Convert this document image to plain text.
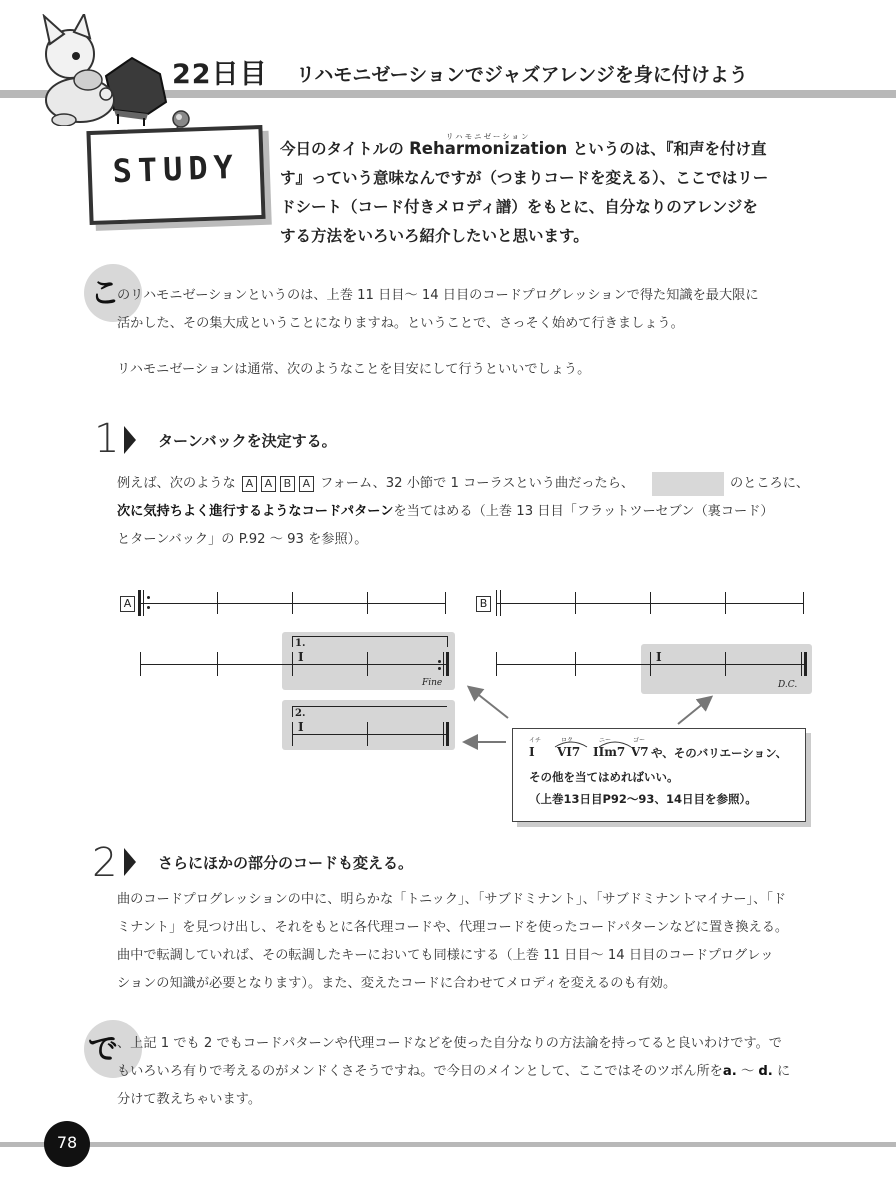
22日目 リハモニゼーションでジャズアレンジを身に付けよう
STUDY	今日のタイトルの
リハモニゼーション
Reharmonization というのは、『和声を付け直
す』っていう意味なんですが（つまりコードを変える）、ここではリー
ドシート（コード付きメロディ譜）をもとに、自分なりのアレンジを
する方法をいろいろ紹介したいと思います。
こ
のリハモニゼーションというのは、上巻 11 日目～ 14 日目のコードプログレッションで得た知識を最大限に
活かした、その集大成ということになりますね。ということで、さっそく始めて行きましょう。
リハモニゼーションは通常、次のようなことを目安にして行うといいでしょう。
1	ターンバックを決定する。
例えば、次のような A A B A フォーム、32 小節で 1 コーラスという曲だったら、	のところに、
次に気持ちよく進行するようなコードパターンを当てはめる（上巻 13 日目「フラットツーセブン（裏コード）
とターンバック」の P.92 ～ 93 を参照）。
A	B
1.
I
Fine
I
D.C.
2.
I
イチ	ロク	ニー	ゴー
I VI7 IIm7 V7 や、そのバリエーション、
その他を当てはめればいい。
（上巻13日目P92～93、14日目を参照）。
2	さらにほかの部分のコードも変える。
曲のコードプログレッションの中に、明らかな「トニック」、「サブドミナント」、「サブドミナントマイナー」、「ド
ミナント」を見つけ出し、それをもとに各代理コードや、代理コードを使ったコードパターンなどに置き換える。
曲中で転調していれば、その転調したキーにおいても同様にする（上巻 11 日目～ 14 日目のコードプログレッ
ションの知識が必要となります）。また、変えたコードに合わせてメロディを変えるのも有効。
で 、上記 1 でも 2 でもコードパターンや代理コードなどを使った自分なりの方法論を持ってると良いわけです。で
もいろいろ有りで考えるのがメンドくさそうですね。で今日のメインとして、ここではそのツボん所をa. ～ d. に
分けて教えちゃいます。
78
